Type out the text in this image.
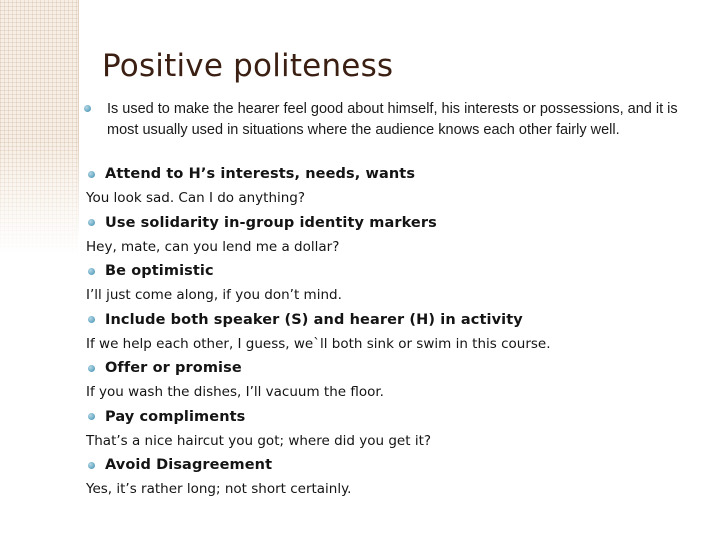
Positive politeness
Is used to make the hearer feel good about himself, his interests or possessions, and it is most usually used in situations where the audience knows each other fairly well.
Attend to H’s interests, needs, wants
You look sad. Can I do anything?
Use solidarity in-group identity markers
Hey, mate, can you lend me a dollar?
Be optimistic
I’ll just come along, if you don’t mind.
Include both speaker (S) and hearer (H) in activity
If we help each other, I guess, we`ll both sink or swim in this course.
Offer or promise
If you wash the dishes, I’ll vacuum the floor.
Pay compliments
That’s a nice haircut you got; where did you get it?
Avoid Disagreement
Yes, it’s rather long; not short certainly.
